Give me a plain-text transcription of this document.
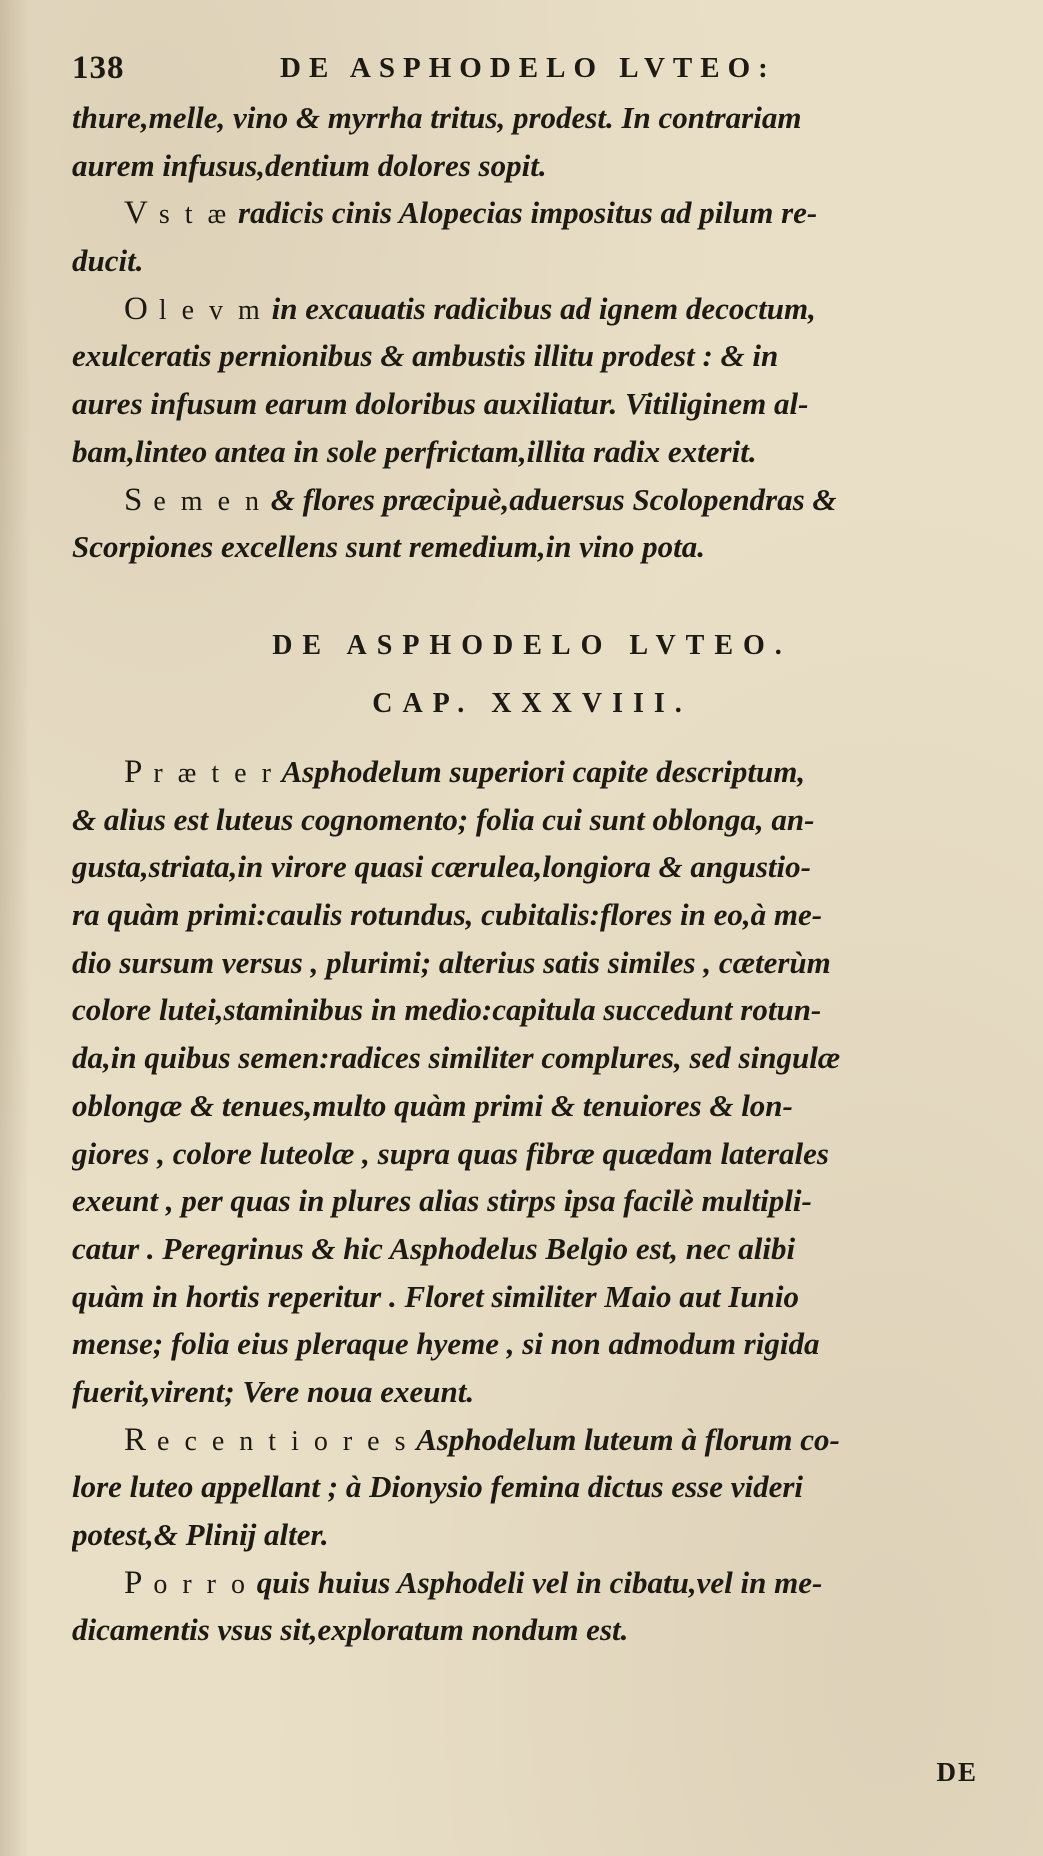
138	DE ASPHODELO LVTEO:
thure,melle, vino & myrrha tritus, prodest. In contrariam
aurem infusus,dentium dolores sopit.
V s t æ radicis cinis Alopecias impositus ad pilum re-
ducit.
O l e v m in excauatis radicibus ad ignem decoctum,
exulceratis pernionibus & ambustis illitu prodest : & in
aures infusum earum doloribus auxiliatur. Vitiliginem al-
bam,linteo antea in sole perfrictam,illita radix exterit.
S e m e n & flores præcipuè,aduersus Scolopendras &
Scorpiones excellens sunt remedium,in vino pota.
DE ASPHODELO LVTEO.
CAP. XXXVIII.
P r æ t e r Asphodelum superiori capite descriptum,
& alius est luteus cognomento; folia cui sunt oblonga, an-
gusta,striata,in virore quasi cærulea,longiora & angustio-
ra quàm primi:caulis rotundus, cubitalis:flores in eo,à me-
dio sursum versus , plurimi; alterius satis similes , cæterùm
colore lutei,staminibus in medio:capitula succedunt rotun-
da,in quibus semen:radices similiter complures, sed singulæ
oblongæ & tenues,multo quàm primi & tenuiores & lon-
giores , colore luteolæ , supra quas fibræ quædam laterales
exeunt , per quas in plures alias stirps ipsa facilè multipli-
catur . Peregrinus & hic Asphodelus Belgio est, nec alibi
quàm in hortis reperitur . Floret similiter Maio aut Iunio
mense; folia eius pleraque hyeme , si non admodum rigida
fuerit,virent; Vere noua exeunt.
R e c e n t i o r e s Asphodelum luteum à florum co-
lore luteo appellant ; à Dionysio femina dictus esse videri
potest,& Plinij alter.
P o r r o quis huius Asphodeli vel in cibatu,vel in me-
dicamentis vsus sit,exploratum nondum est.
DE
